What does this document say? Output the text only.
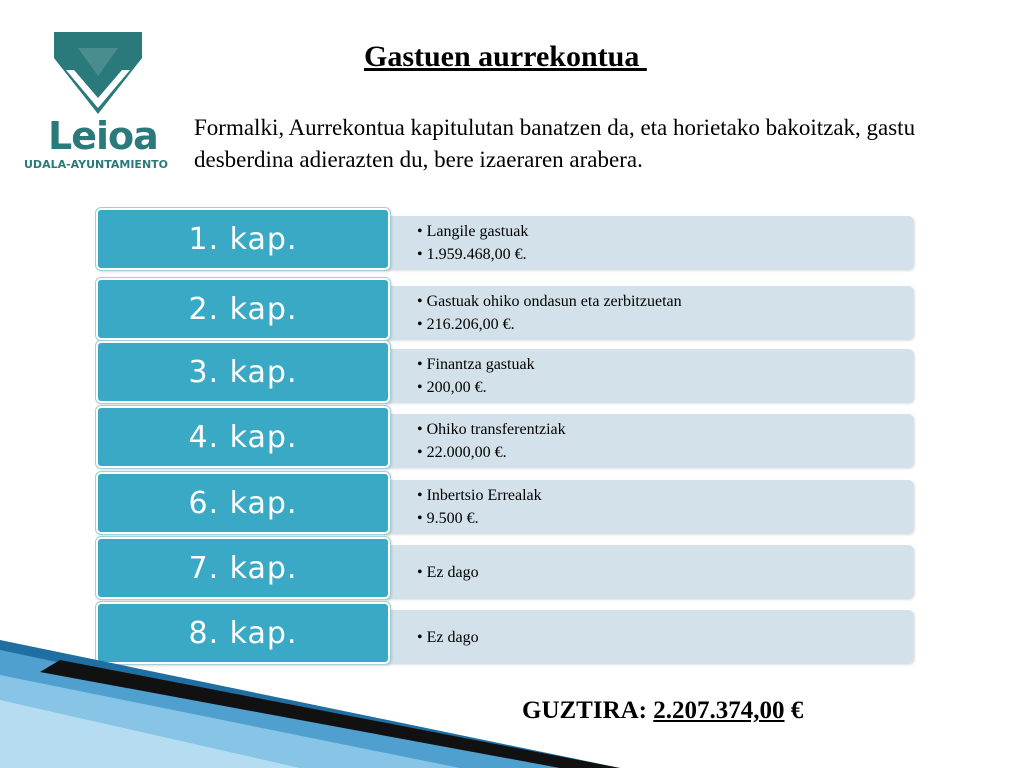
Leioa
UDALA-AYUNTAMIENTO
Gastuen aurrekontua
Formalki, Aurrekontua kapitulutan banatzen da, eta horietako bakoitzak, gastu desberdina adierazten du, bere izaeraren arabera.
• Langile gastuak
• 1.959.468,00 €.
1. kap.
• Gastuak ohiko ondasun eta zerbitzuetan
• 216.206,00 €.
2. kap.
• Finantza gastuak
• 200,00 €.
3. kap.
• Ohiko transferentziak
• 22.000,00 €.
4. kap.
• Inbertsio Errealak
• 9.500 €.
6. kap.
• Ez dago
7. kap.
• Ez dago
8. kap.
GUZTIRA: 2.207.374,00 €
